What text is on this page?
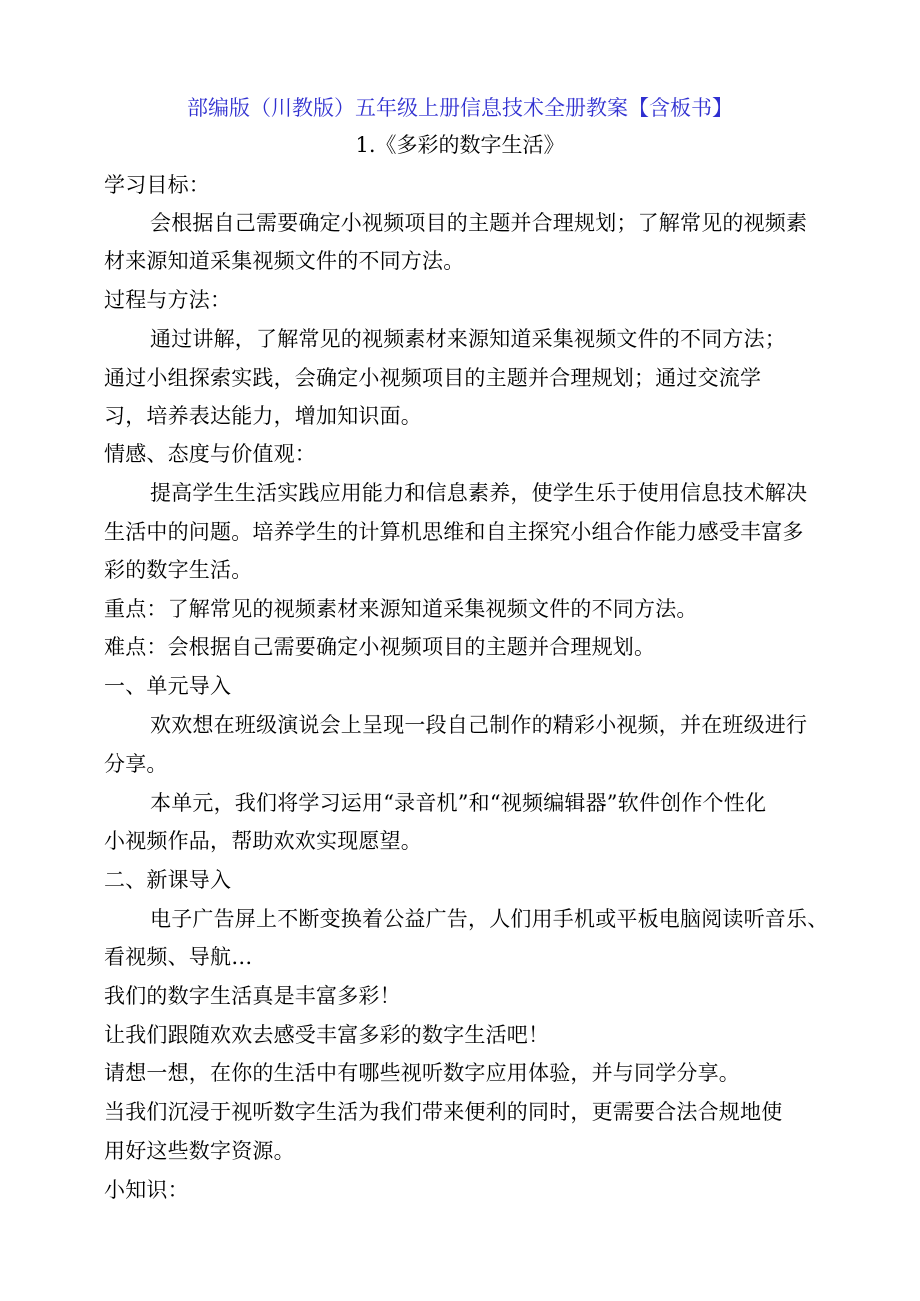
部编版（川教版）五年级上册信息技术全册教案【含板书】
1.《多彩的数字生活》
学习目标：
会根据自己需要确定小视频项目的主题并合理规划；了解常见的视频素
材来源知道采集视频文件的不同方法。
过程与方法：
通过讲解，了解常见的视频素材来源知道采集视频文件的不同方法；
通过小组探索实践，会确定小视频项目的主题并合理规划；通过交流学
习，培养表达能力，增加知识面。
情感、态度与价值观：
提高学生生活实践应用能力和信息素养，使学生乐于使用信息技术解决
生活中的问题。培养学生的计算机思维和自主探究小组合作能力感受丰富多
彩的数字生活。
重点：了解常见的视频素材来源知道采集视频文件的不同方法。
难点：会根据自己需要确定小视频项目的主题并合理规划。
一、单元导入
欢欢想在班级演说会上呈现一段自己制作的精彩小视频，并在班级进行
分享。
本单元，我们将学习运用“录音机”和“视频编辑器”软件创作个性化
小视频作品，帮助欢欢实现愿望。
二、新课导入
电子广告屏上不断变换着公益广告，人们用手机或平板电脑阅读听音乐、
看视频、导航…
我们的数字生活真是丰富多彩！
让我们跟随欢欢去感受丰富多彩的数字生活吧！
请想一想，在你的生活中有哪些视听数字应用体验，并与同学分享。
当我们沉浸于视听数字生活为我们带来便利的同时，更需要合法合规地使
用好这些数字资源。
小知识：
